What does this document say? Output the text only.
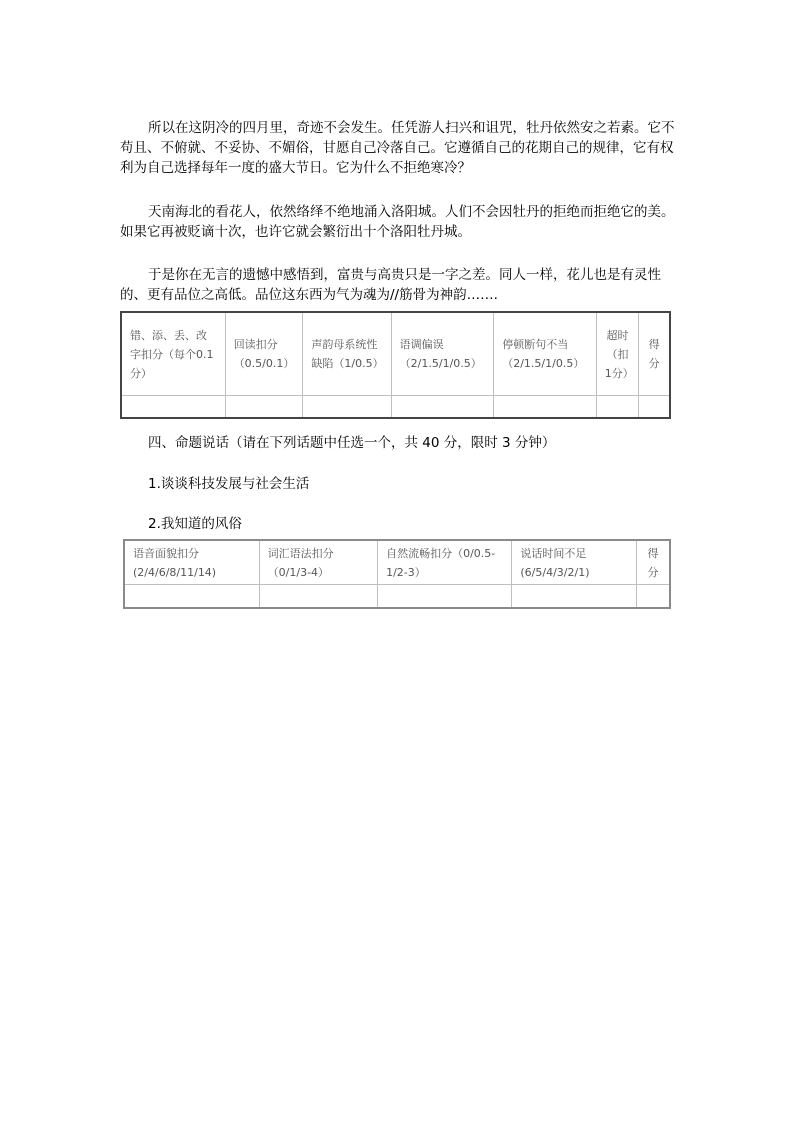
所以在这阴冷的四月里，奇迹不会发生。任凭游人扫兴和诅咒，牡丹依然安之若素。它不苟且、不俯就、不妥协、不媚俗，甘愿自己冷落自己。它遵循自己的花期自己的规律，它有权利为自己选择每年一度的盛大节日。它为什么不拒绝寒冷？

天南海北的看花人，依然络绎不绝地涌入洛阳城。人们不会因牡丹的拒绝而拒绝它的美。如果它再被贬谪十次，也许它就会繁衍出十个洛阳牡丹城。

于是你在无言的遗憾中感悟到，富贵与高贵只是一字之差。同人一样，花儿也是有灵性的、更有品位之高低。品位这东西为气为魂为//筋骨为神韵…….

错、添、丢、改字扣分（每个0.1分）	回读扣分（0.5/0.1）	声韵母系统性缺陷（1/0.5）	语调偏误（2/1.5/1/0.5）	停顿断句不当（2/1.5/1/0.5）	超时（扣1分）	得分

四、命题说话（请在下列话题中任选一个，共 40 分，限时 3 分钟）

1.谈谈科技发展与社会生活

2.我知道的风俗

语音面貌扣分(2/4/6/8/11/14)	词汇语法扣分（0/1/3-4）	自然流畅扣分（0/0.5-1/2-3）	说话时间不足(6/5/4/3/2/1)	得分
